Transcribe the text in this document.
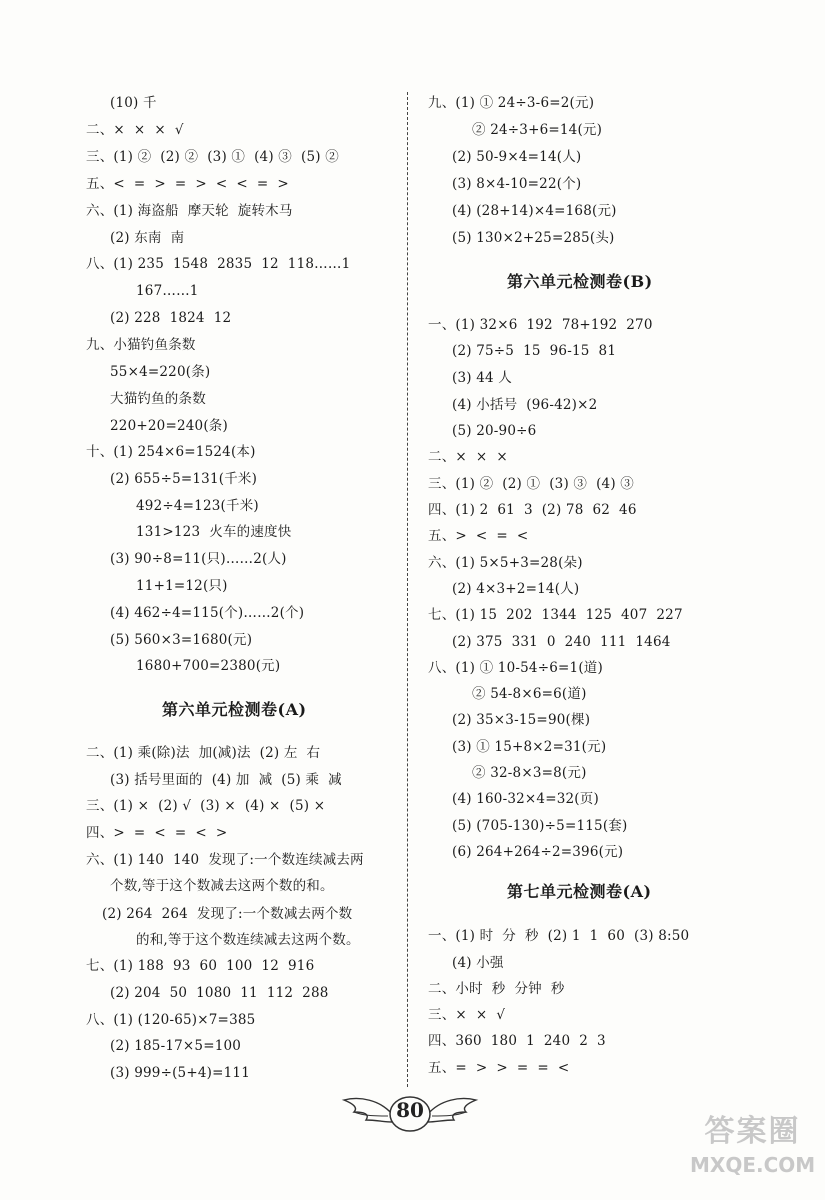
(10) 千
二、×  ×  ×  √
三、(1) ②  (2) ②  (3) ①  (4) ③  (5) ②
五、<  =  >  =  >  <  <  =  >
六、(1) 海盗船  摩天轮  旋转木马
(2) 东南  南
八、(1) 235  1548  2835  12  118……1
167……1
(2) 228  1824  12
九、小猫钓鱼条数
55×4=220(条)
大猫钓鱼的条数
220+20=240(条)
十、(1) 254×6=1524(本)
(2) 655÷5=131(千米)
492÷4=123(千米)
131>123  火车的速度快
(3) 90÷8=11(只)……2(人)
11+1=12(只)
(4) 462÷4=115(个)……2(个)
(5) 560×3=1680(元)
1680+700=2380(元)
第六单元检测卷(A)
二、(1) 乘(除)法  加(减)法  (2) 左  右
(3) 括号里面的  (4) 加  减  (5) 乘  减
三、(1) ×  (2) √  (3) ×  (4) ×  (5) ×
四、>  =  <  =  <  >
六、(1) 140  140  发现了:一个数连续减去两
个数,等于这个数减去这两个数的和。
(2) 264  264  发现了:一个数减去两个数
的和,等于这个数连续减去这两个数。
七、(1) 188  93  60  100  12  916
(2) 204  50  1080  11  112  288
八、(1) (120-65)×7=385
(2) 185-17×5=100
(3) 999÷(5+4)=111
九、(1) ① 24÷3-6=2(元)
② 24÷3+6=14(元)
(2) 50-9×4=14(人)
(3) 8×4-10=22(个)
(4) (28+14)×4=168(元)
(5) 130×2+25=285(头)
第六单元检测卷(B)
一、(1) 32×6  192  78+192  270
(2) 75÷5  15  96-15  81
(3) 44 人
(4) 小括号  (96-42)×2
(5) 20-90÷6
二、×  ×  ×
三、(1) ②  (2) ①  (3) ③  (4) ③
四、(1) 2  61  3  (2) 78  62  46
五、>  <  =  <
六、(1) 5×5+3=28(朵)
(2) 4×3+2=14(人)
七、(1) 15  202  1344  125  407  227
(2) 375  331  0  240  111  1464
八、(1) ① 10-54÷6=1(道)
② 54-8×6=6(道)
(2) 35×3-15=90(棵)
(3) ① 15+8×2=31(元)
② 32-8×3=8(元)
(4) 160-32×4=32(页)
(5) (705-130)÷5=115(套)
(6) 264+264÷2=396(元)
第七单元检测卷(A)
一、(1) 时  分  秒  (2) 1  1  60  (3) 8:50
(4) 小强
二、小时  秒  分钟  秒
三、×  ×  √
四、360  180  1  240  2  3
五、=  >  >  =  =  <
80
答案圈
MXQE.COM
